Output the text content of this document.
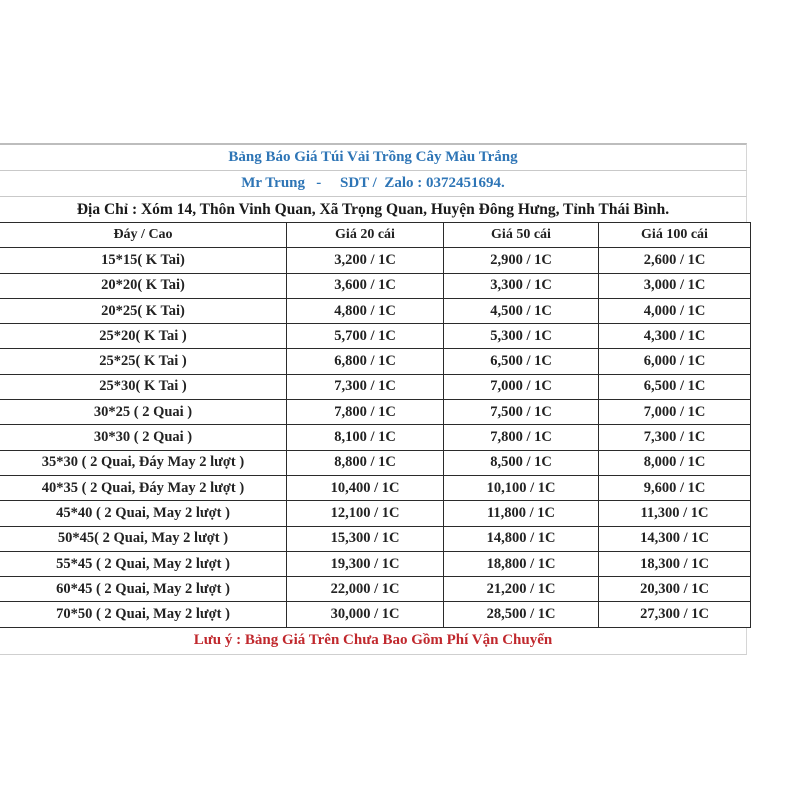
Bảng Báo Giá Túi Vải Trồng Cây Màu Trắng
Mr Trung   -     SDT /  Zalo : 0372451694.
Địa Chỉ : Xóm 14, Thôn Vinh Quan, Xã Trọng Quan, Huyện Đông Hưng, Tỉnh Thái Bình.
Đáy / Cao	Giá 20 cái	Giá 50 cái	Giá 100 cái
15*15( K Tai)	3,200 / 1C	2,900 / 1C	2,600 / 1C
20*20( K Tai)	3,600 / 1C	3,300 / 1C	3,000 / 1C
20*25( K Tai)	4,800 / 1C	4,500 / 1C	4,000 / 1C
25*20( K Tai )	5,700 / 1C	5,300 / 1C	4,300 / 1C
25*25( K Tai )	6,800 / 1C	6,500 / 1C	6,000 / 1C
25*30( K Tai )	7,300 / 1C	7,000 / 1C	6,500 / 1C
30*25 ( 2 Quai )	7,800 / 1C	7,500 / 1C	7,000 / 1C
30*30 ( 2 Quai )	8,100 / 1C	7,800 / 1C	7,300 / 1C
35*30 ( 2 Quai, Đáy May 2 lượt )	8,800 / 1C	8,500 / 1C	8,000 / 1C
40*35 ( 2 Quai, Đáy May 2 lượt )	10,400 / 1C	10,100 / 1C	9,600 / 1C
45*40 ( 2 Quai, May 2 lượt )	12,100 / 1C	11,800 / 1C	11,300 / 1C
50*45( 2 Quai, May 2 lượt )	15,300 / 1C	14,800 / 1C	14,300 / 1C
55*45 ( 2 Quai, May 2 lượt )	19,300 / 1C	18,800 / 1C	18,300 / 1C
60*45 ( 2 Quai, May 2 lượt )	22,000 / 1C	21,200 / 1C	20,300 / 1C
70*50 ( 2 Quai, May 2 lượt )	30,000 / 1C	28,500 / 1C	27,300 / 1C
Lưu ý : Bảng Giá Trên Chưa Bao Gồm Phí Vận Chuyển
